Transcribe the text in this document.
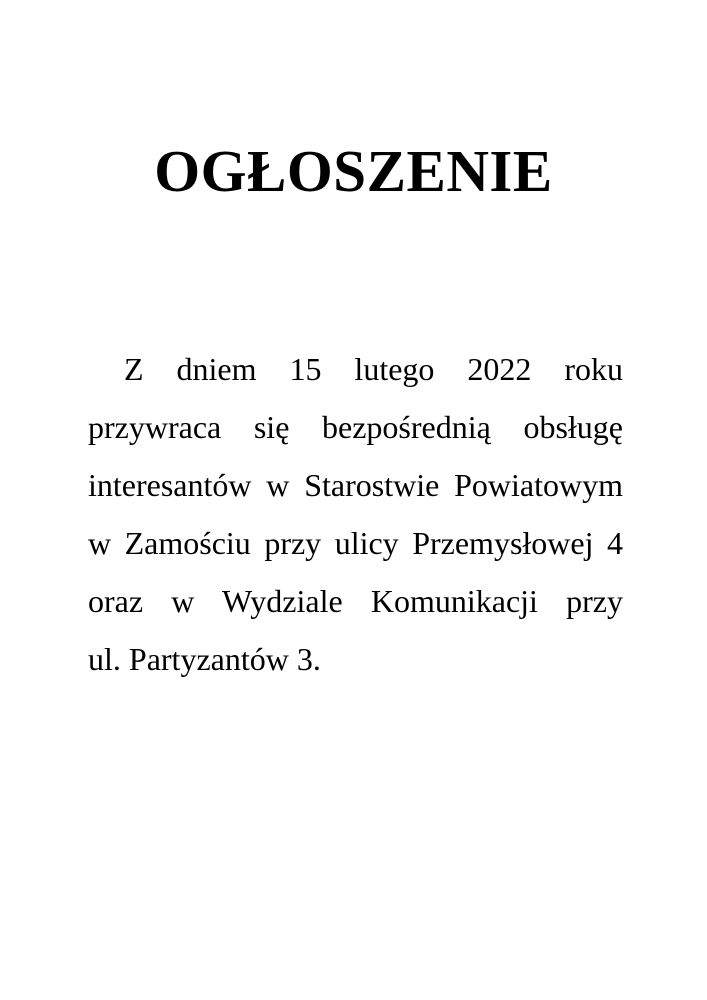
OGŁOSZENIE
Z dniem 15 lutego 2022 roku
przywraca się bezpośrednią obsługę
interesantów w Starostwie Powiatowym
w Zamościu przy ulicy Przemysłowej 4
oraz w Wydziale Komunikacji przy
ul. Partyzantów 3.
